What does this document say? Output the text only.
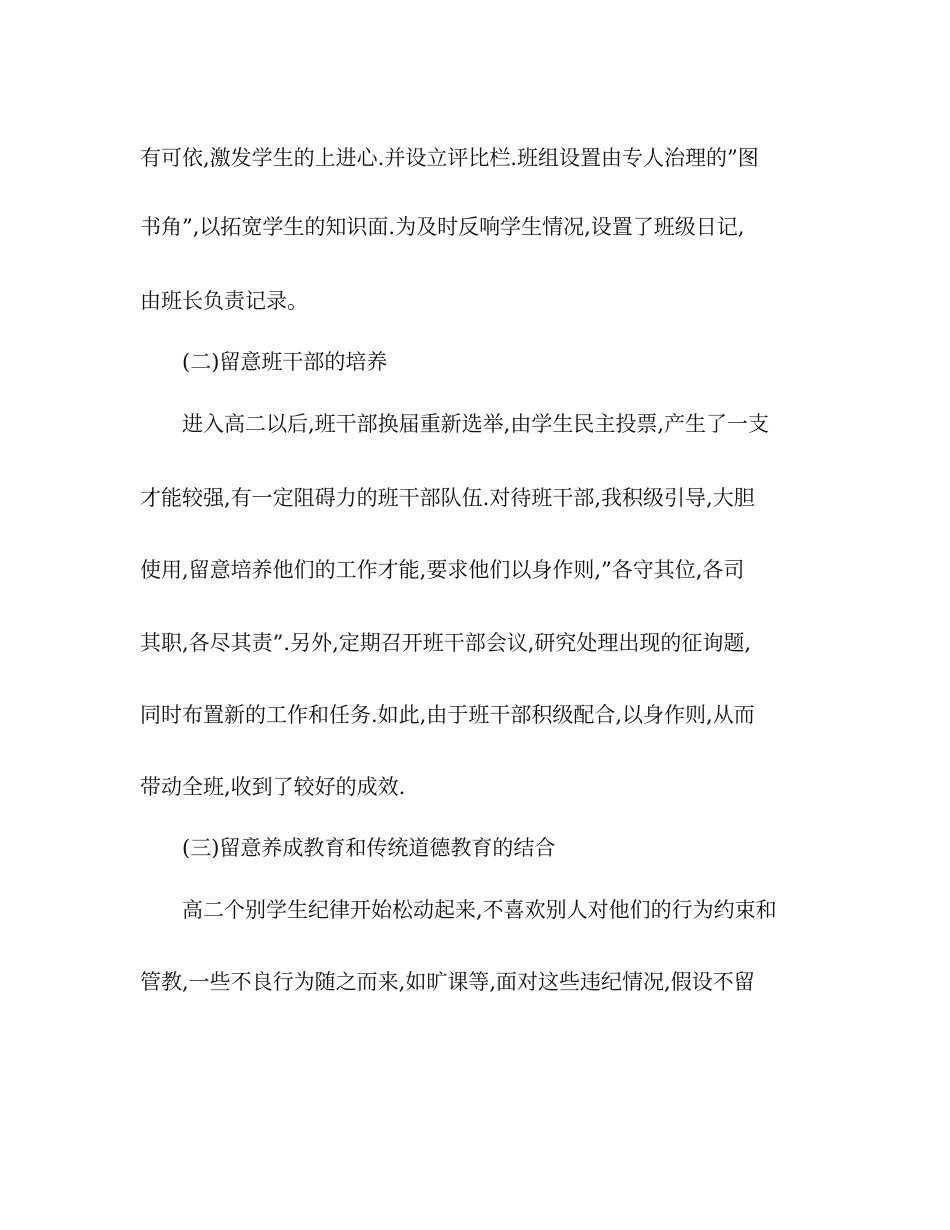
有可依,激发学生的上进心.并设立评比栏.班组设置由专人治理的”图
书角”,以拓宽学生的知识面.为及时反响学生情况,设置了班级日记,
由班长负责记录。
(二)留意班干部的培养
进入高二以后,班干部换届重新选举,由学生民主投票,产生了一支
才能较强,有一定阻碍力的班干部队伍.对待班干部,我积级引导,大胆
使用,留意培养他们的工作才能,要求他们以身作则,”各守其位,各司
其职,各尽其责”.另外,定期召开班干部会议,研究处理出现的征询题,
同时布置新的工作和任务.如此,由于班干部积级配合,以身作则,从而
带动全班,收到了较好的成效.
(三)留意养成教育和传统道德教育的结合
高二个别学生纪律开始松动起来,不喜欢别人对他们的行为约束和
管教,一些不良行为随之而来,如旷课等,面对这些违纪情况,假设不留
